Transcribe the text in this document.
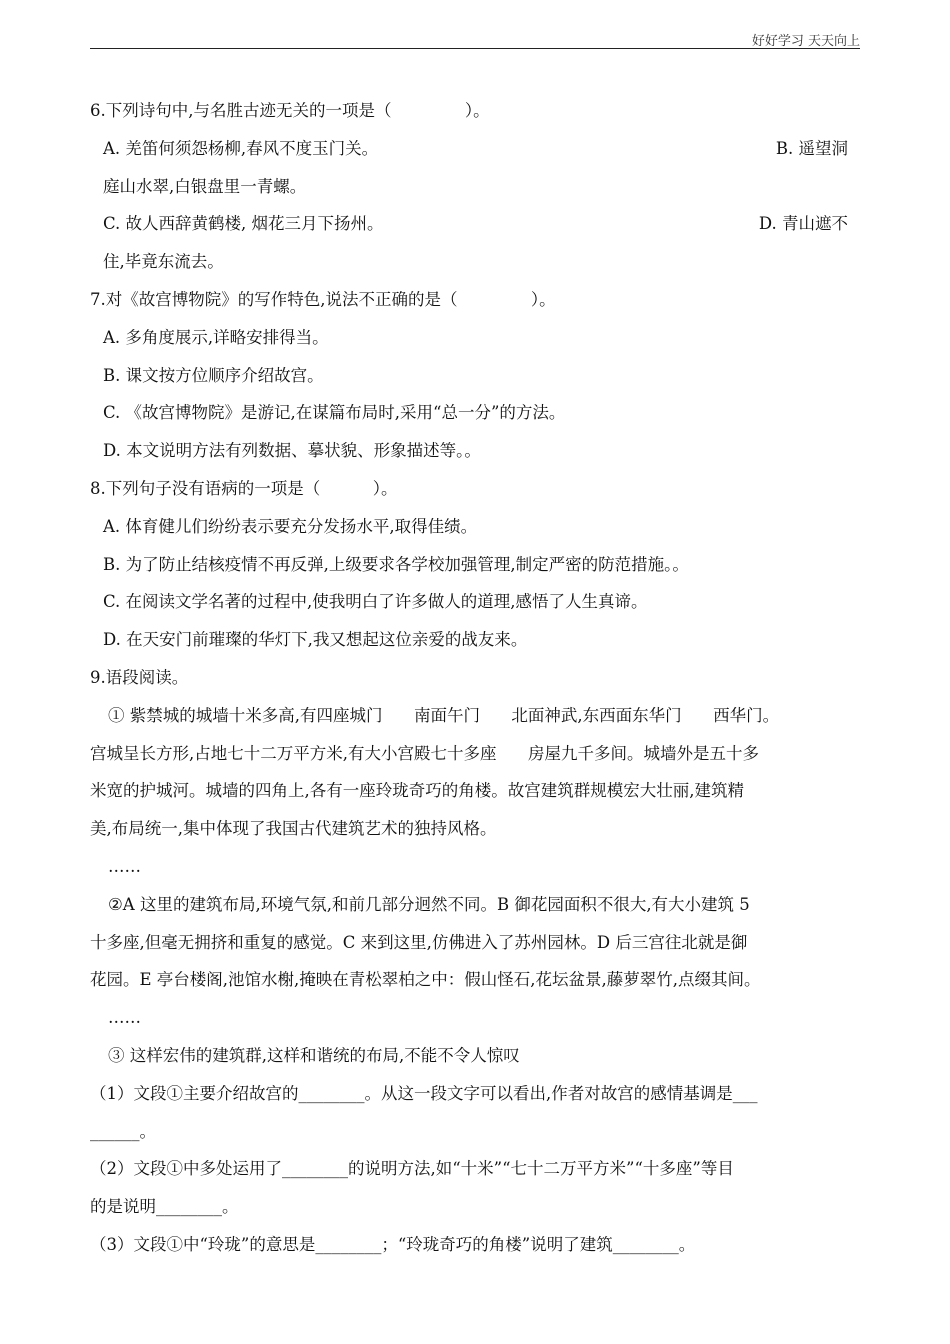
好好学习 天天向上
6.下列诗句中,与名胜古迹无关的一项是（              ）。
A. 羌笛何须怨杨柳,春风不度玉门关。	B. 遥望洞
庭山水翠,白银盘里一青螺。
C. 故人西辞黄鹤楼, 烟花三月下扬州。	D. 青山遮不
住,毕竟东流去。
7.对《故宫博物院》的写作特色,说法不正确的是（              ）。
A. 多角度展示,详略安排得当。
B. 课文按方位顺序介绍故宫。
C. 《故宫博物院》是游记,在谋篇布局时,采用“总一分”的方法。
D. 本文说明方法有列数据、摹状貌、形象描述等。。
8.下列句子没有语病的一项是（          ）。
A. 体育健儿们纷纷表示要充分发扬水平,取得佳绩。
B. 为了防止结核疫情不再反弹,上级要求各学校加强管理,制定严密的防范措施。。
C. 在阅读文学名著的过程中,使我明白了许多做人的道理,感悟了人生真谛。
D. 在天安门前璀璨的华灯下,我又想起这位亲爱的战友来。
9.语段阅读。
① 紫禁城的城墙十米多高,有四座城门      南面午门      北面神武,东西面东华门      西华门。
宫城呈长方形,占地七十二万平方米,有大小宫殿七十多座      房屋九千多间。城墙外是五十多
米宽的护城河。城墙的四角上,各有一座玲珑奇巧的角楼。故宫建筑群规模宏大壮丽,建筑精
美,布局统一,集中体现了我国古代建筑艺术的独持风格。
……
②A 这里的建筑布局,环境气氛,和前几部分迥然不同。B 御花园面积不很大,有大小建筑 5
十多座,但毫无拥挤和重复的感觉。C 来到这里,仿佛进入了苏州园林。D 后三宫往北就是御
花园。E 亭台楼阁,池馆水榭,掩映在青松翠柏之中：假山怪石,花坛盆景,藤萝翠竹,点缀其间。
……
③ 这样宏伟的建筑群,这样和谐统的布局,不能不令人惊叹
（1）文段①主要介绍故宫的________。从这一段文字可以看出,作者对故宫的感情基调是___
______。
（2）文段①中多处运用了________的说明方法,如“十米”“七十二万平方米”“十多座”等目
的是说明________。
（3）文段①中“玲珑”的意思是________；“玲珑奇巧的角楼”说明了建筑________。
